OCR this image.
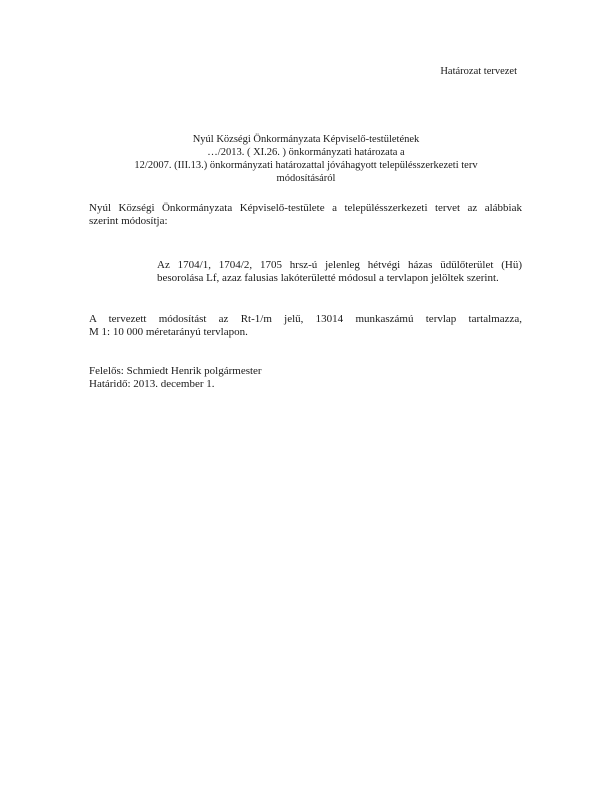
Határozat tervezet
Nyúl Községi Önkormányzata Képviselő-testületének
…/2013. ( XI.26. ) önkormányzati határozata a
12/2007. (III.13.) önkormányzati határozattal jóváhagyott településszerkezeti terv
módosításáról
Nyúl Községi Önkormányzata Képviselő-testülete a településszerkezeti tervet az alábbiak
szerint módosítja:
Az 1704/1, 1704/2, 1705 hrsz-ú jelenleg hétvégi házas üdülőterület (Hü)
besorolása Lf, azaz falusias lakóterületté módosul a tervlapon jelöltek szerint.
A tervezett módosítást az Rt-1/m jelű, 13014 munkaszámú tervlap tartalmazza,
M 1: 10 000 méretarányú tervlapon.
Felelős: Schmiedt Henrik polgármester
Határidő: 2013. december 1.
